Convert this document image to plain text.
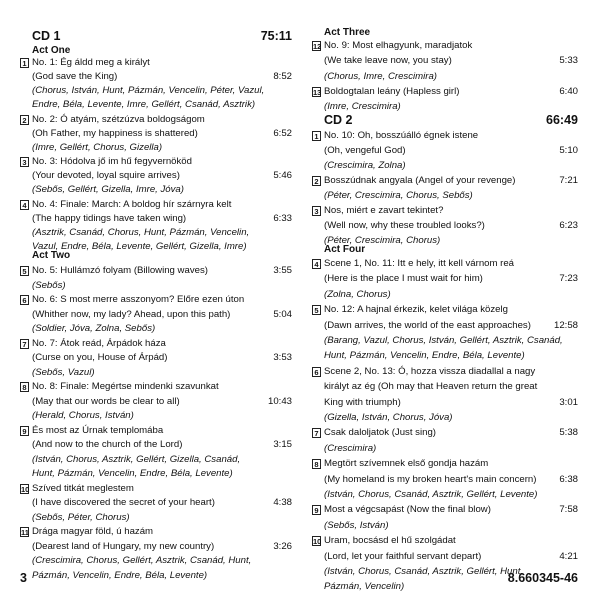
CD 1	75:11
Act One
1 No. 1: Ég áldd meg a királyt
(God save the King)	8:52
(Chorus, István, Hunt, Pázmán, Vencelin, Péter, Vazul,
Endre, Béla, Levente, Imre, Gellért, Csanád, Asztrik)
2 No. 2: Ó atyám, szétzúzva boldogságom
(Oh Father, my happiness is shattered)	6:52
(Imre, Gellért, Chorus, Gizella)
3 No. 3: Hódolva jő im hű fegyvernököd
(Your devoted, loyal squire arrives)	5:46
(Sebős, Gellért, Gizella, Imre, Jóva)
4 No. 4: Finale: March: A boldog hír szárnyra kelt
(The happy tidings have taken wing)	6:33
(Asztrik, Csanád, Chorus, Hunt, Pázmán, Vencelin,
Vazul, Endre, Béla, Levente, Gellért, Gizella, Imre)
Act Two
5 No. 5: Hullámzó folyam (Billowing waves)	3:55
(Sebős)
6 No. 6: S most merre asszonyom? Előre ezen úton
(Whither now, my lady? Ahead, upon this path)	5:04
(Soldier, Jóva, Zolna, Sebős)
7 No. 7: Átok reád, Árpádok háza
(Curse on you, House of Árpád)	3:53
(Sebős, Vazul)
8 No. 8: Finale: Megértse mindenki szavunkat
(May that our words be clear to all)	10:43
(Herald, Chorus, István)
9 És most az Úrnak templomába
(And now to the church of the Lord)	3:15
(István, Chorus, Asztrik, Gellért, Gizella, Csanád,
Hunt, Pázmán, Vencelin, Endre, Béla, Levente)
10 Szíved titkát meglestem
(I have discovered the secret of your heart)	4:38
(Sebős, Péter, Chorus)
11 Drága magyar föld, ú hazám
(Dearest land of Hungary, my new country)	3:26
(Crescimira, Chorus, Gellért, Asztrik, Csanád, Hunt,
Pázmán, Vencelin, Endre, Béla, Levente)
Act Three
12 No. 9: Most elhagyunk, maradjatok
(We take leave now, you stay)	5:33
(Chorus, Imre, Crescimira)
13 Boldogtalan leány (Hapless girl)	6:40
(Imre, Crescimira)
CD 2	66:49
1 No. 10: Oh, bosszúálló égnek istene
(Oh, vengeful God)	5:10
(Crescimira, Zolna)
2 Bosszúdnak angyala (Angel of your revenge)	7:21
(Péter, Crescimira, Chorus, Sebős)
3 Nos, miért e zavart tekintet?
(Well now, why these troubled looks?)	6:23
(Péter, Crescimira, Chorus)
Act Four
4 Scene 1, No. 11: Itt e hely, itt kell várnom reá
(Here is the place I must wait for him)	7:23
(Zolna, Chorus)
5 No. 12: A hajnal érkezik, kelet világa közelg
(Dawn arrives, the world of the east approaches) 12:58
(Barang, Vazul, Chorus, István, Gellért, Asztrik, Csanád,
Hunt, Pázmán, Vencelin, Endre, Béla, Levente)
6 Scene 2, No. 13: Ó, hozza vissza diadallal a nagy
királyt az ég (Oh may that Heaven return the great
King with triumph)	3:01
(Gizella, István, Chorus, Jóva)
7 Csak daloljatok (Just sing)	5:38
(Crescimira)
8 Megtört szívemnek első gondja hazám
(My homeland is my broken heart's main concern) 6:38
(István, Chorus, Csanád, Asztrik, Gellért, Levente)
9 Most a végcsapást (Now the final blow)	7:58
(Sebős, István)
10 Uram, bocsásd el hű szolgádat
(Lord, let your faithful servant depart)	4:21
(István, Chorus, Csanád, Asztrik, Gellért, Hunt,
Pázmán, Vencelin)
3	8.660345-46
